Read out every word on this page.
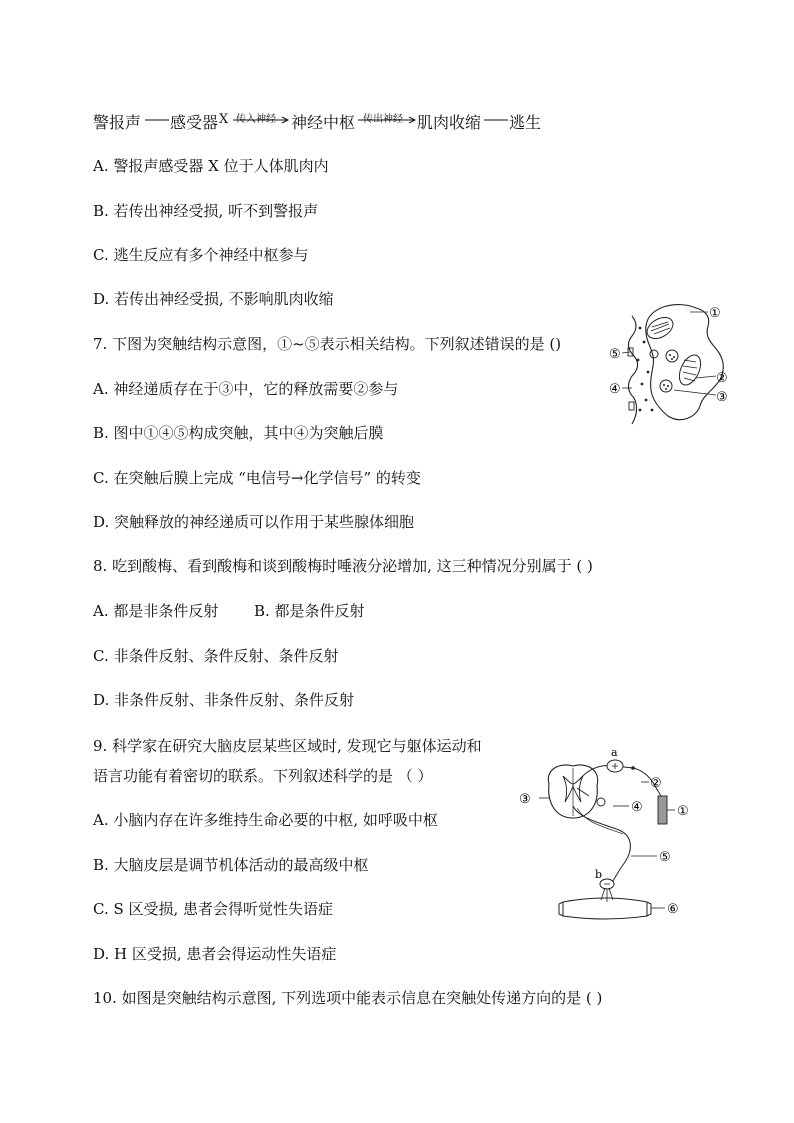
警报声 感受器 X 传入神经 神经中枢 传出神经 肌肉收缩 逃生
A. 警报声感受器 X 位于人体肌肉内
B. 若传出神经受损, 听不到警报声
C. 逃生反应有多个神经中枢参与
D. 若传出神经受损, 不影响肌肉收缩
7. 下图为突触结构示意图，①~⑤表示相关结构。下列叙述错误的是 ()
A. 神经递质存在于③中，它的释放需要②参与
B. 图中①④⑤构成突触，其中④为突触后膜
C. 在突触后膜上完成 “电信号→化学信号” 的转变
D. 突触释放的神经递质可以作用于某些腺体细胞
①
②
③
④
⑤
8. 吃到酸梅、看到酸梅和谈到酸梅时唾液分泌增加, 这三种情况分别属于 ( )
A. 都是非条件反射 B. 都是条件反射
C. 非条件反射、条件反射、条件反射
D. 非条件反射、非条件反射、条件反射
9. 科学家在研究大脑皮层某些区域时, 发现它与躯体运动和
语言功能有着密切的联系。下列叙述科学的是 （ ）
A. 小脑内存在许多维持生命必要的中枢, 如呼吸中枢
B. 大脑皮层是调节机体活动的最高级中枢
C. S 区受损, 患者会得听觉性失语症
D. H 区受损, 患者会得运动性失语症
a
b
①
②
③
④
⑤
⑥
10. 如图是突触结构示意图, 下列选项中能表示信息在突触处传递方向的是 ( )
